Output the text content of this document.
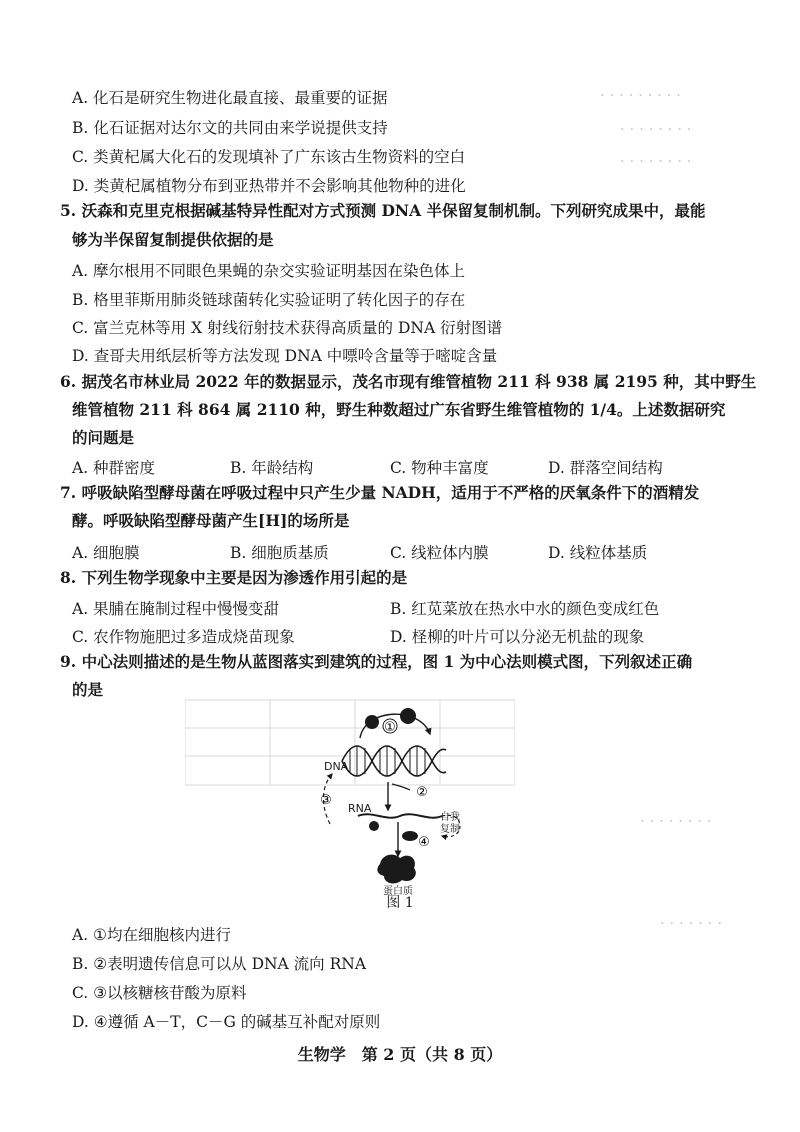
· · · · · · · · ·
· · · · · · · ·
· · · · · · · ·
A. 化石是研究生物进化最直接、最重要的证据
B. 化石证据对达尔文的共同由来学说提供支持
C. 类黄杞属大化石的发现填补了广东该古生物资料的空白
D. 类黄杞属植物分布到亚热带并不会影响其他物种的进化
5. 沃森和克里克根据碱基特异性配对方式预测 DNA 半保留复制机制。下列研究成果中，最能
够为半保留复制提供依据的是
A. 摩尔根用不同眼色果蝇的杂交实验证明基因在染色体上
B. 格里菲斯用肺炎链球菌转化实验证明了转化因子的存在
C. 富兰克林等用 X 射线衍射技术获得高质量的 DNA 衍射图谱
D. 查哥夫用纸层析等方法发现 DNA 中嘌呤含量等于嘧啶含量
6. 据茂名市林业局 2022 年的数据显示，茂名市现有维管植物 211 科 938 属 2195 种，其中野生
维管植物 211 科 864 属 2110 种，野生种数超过广东省野生维管植物的 1/4。上述数据研究
的问题是
A. 种群密度	B. 年龄结构	C. 物种丰富度	D. 群落空间结构
7. 呼吸缺陷型酵母菌在呼吸过程中只产生少量 NADH，适用于不严格的厌氧条件下的酒精发
酵。呼吸缺陷型酵母菌产生[H]的场所是
A. 细胞膜	B. 细胞质基质	C. 线粒体内膜	D. 线粒体基质
8. 下列生物学现象中主要是因为渗透作用引起的是
A. 果脯在腌制过程中慢慢变甜	B. 红苋菜放在热水中水的颜色变成红色
C. 农作物施肥过多造成烧苗现象	D. 柽柳的叶片可以分泌无机盐的现象
9. 中心法则描述的是生物从蓝图落实到建筑的过程，图 1 为中心法则模式图，下列叙述正确
的是
①
②
③
④
DNA
RNA
自我
复制
蛋白质
图 1
· · · · · · · ·
· · · · · · ·
A. ①均在细胞核内进行
B. ②表明遗传信息可以从 DNA 流向 RNA
C. ③以核糖核苷酸为原料
D. ④遵循 A－T，C－G 的碱基互补配对原则
生物学　第 2 页（共 8 页）
